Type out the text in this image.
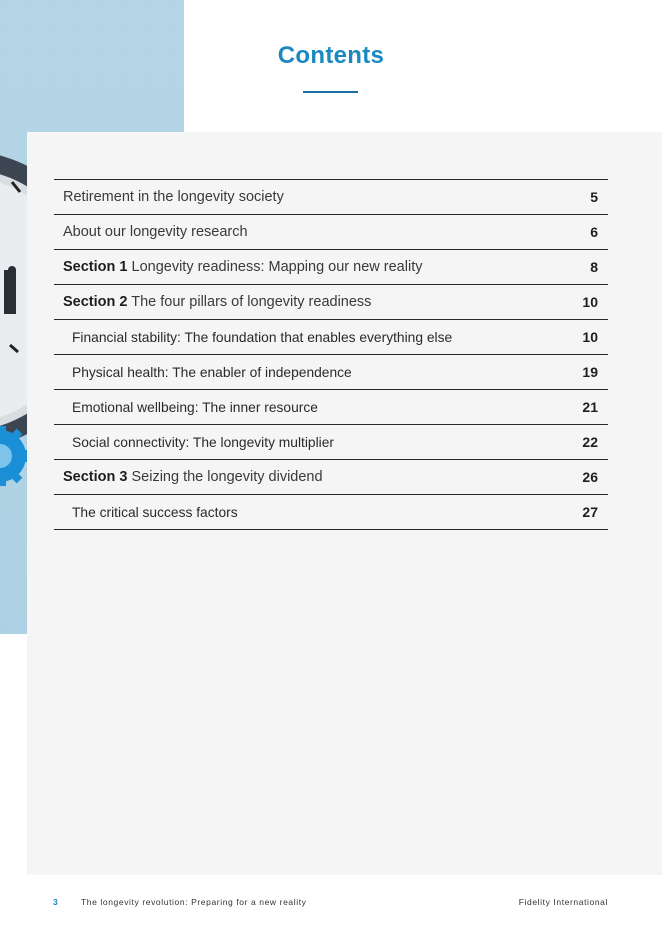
Contents
Retirement in the longevity society	5
About our longevity research	6
Section 1 Longevity readiness: Mapping our new reality	8
Section 2 The four pillars of longevity readiness	10
Financial stability: The foundation that enables everything else	10
Physical health: The enabler of independence	19
Emotional wellbeing: The inner resource	21
Social connectivity: The longevity multiplier	22
Section 3 Seizing the longevity dividend	26
The critical success factors	27
3	The longevity revolution: Preparing for a new reality	Fidelity International
